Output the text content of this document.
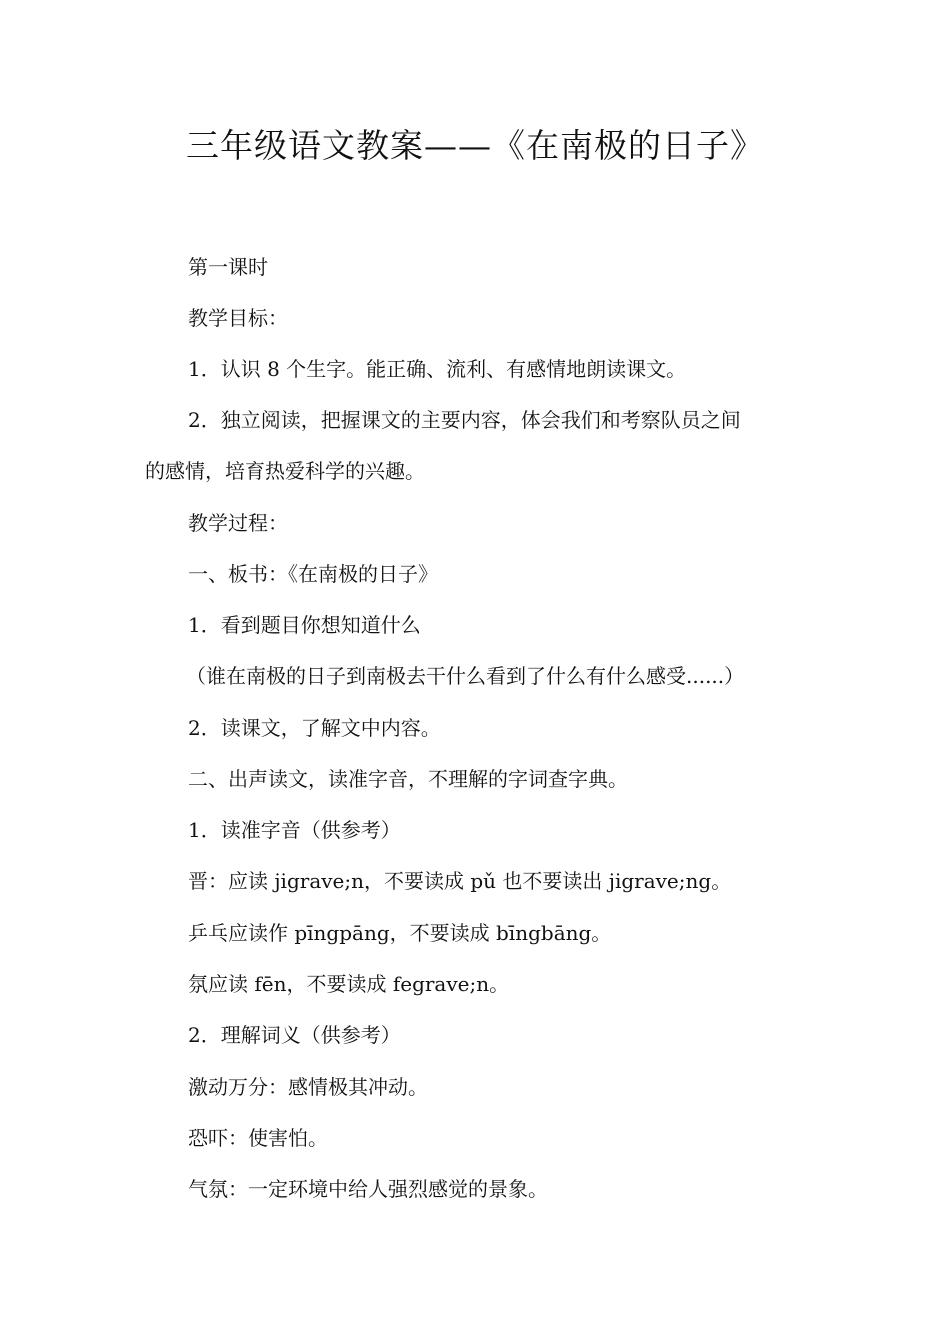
三年级语文教案——《在南极的日子》

第一课时

教学目标：

1．认识 8 个生字。能正确、流利、有感情地朗读课文。

2．独立阅读，把握课文的主要内容，体会我们和考察队员之间

的感情，培育热爱科学的兴趣。

教学过程：

一、板书：《在南极的日子》

1．看到题目你想知道什么

（谁在南极的日子到南极去干什么看到了什么有什么感受......）

2．读课文，了解文中内容。

二、出声读文，读准字音，不理解的字词查字典。

1．读准字音（供参考）

晋：应读 jigrave;n，不要读成 pǔ 也不要读出 jigrave;ng。

乒乓应读作 pīngpāng，不要读成 bīngbāng。

氛应读 fēn，不要读成 fegrave;n。

2．理解词义（供参考）

激动万分：感情极其冲动。

恐吓：使害怕。

气氛：一定环境中给人强烈感觉的景象。
